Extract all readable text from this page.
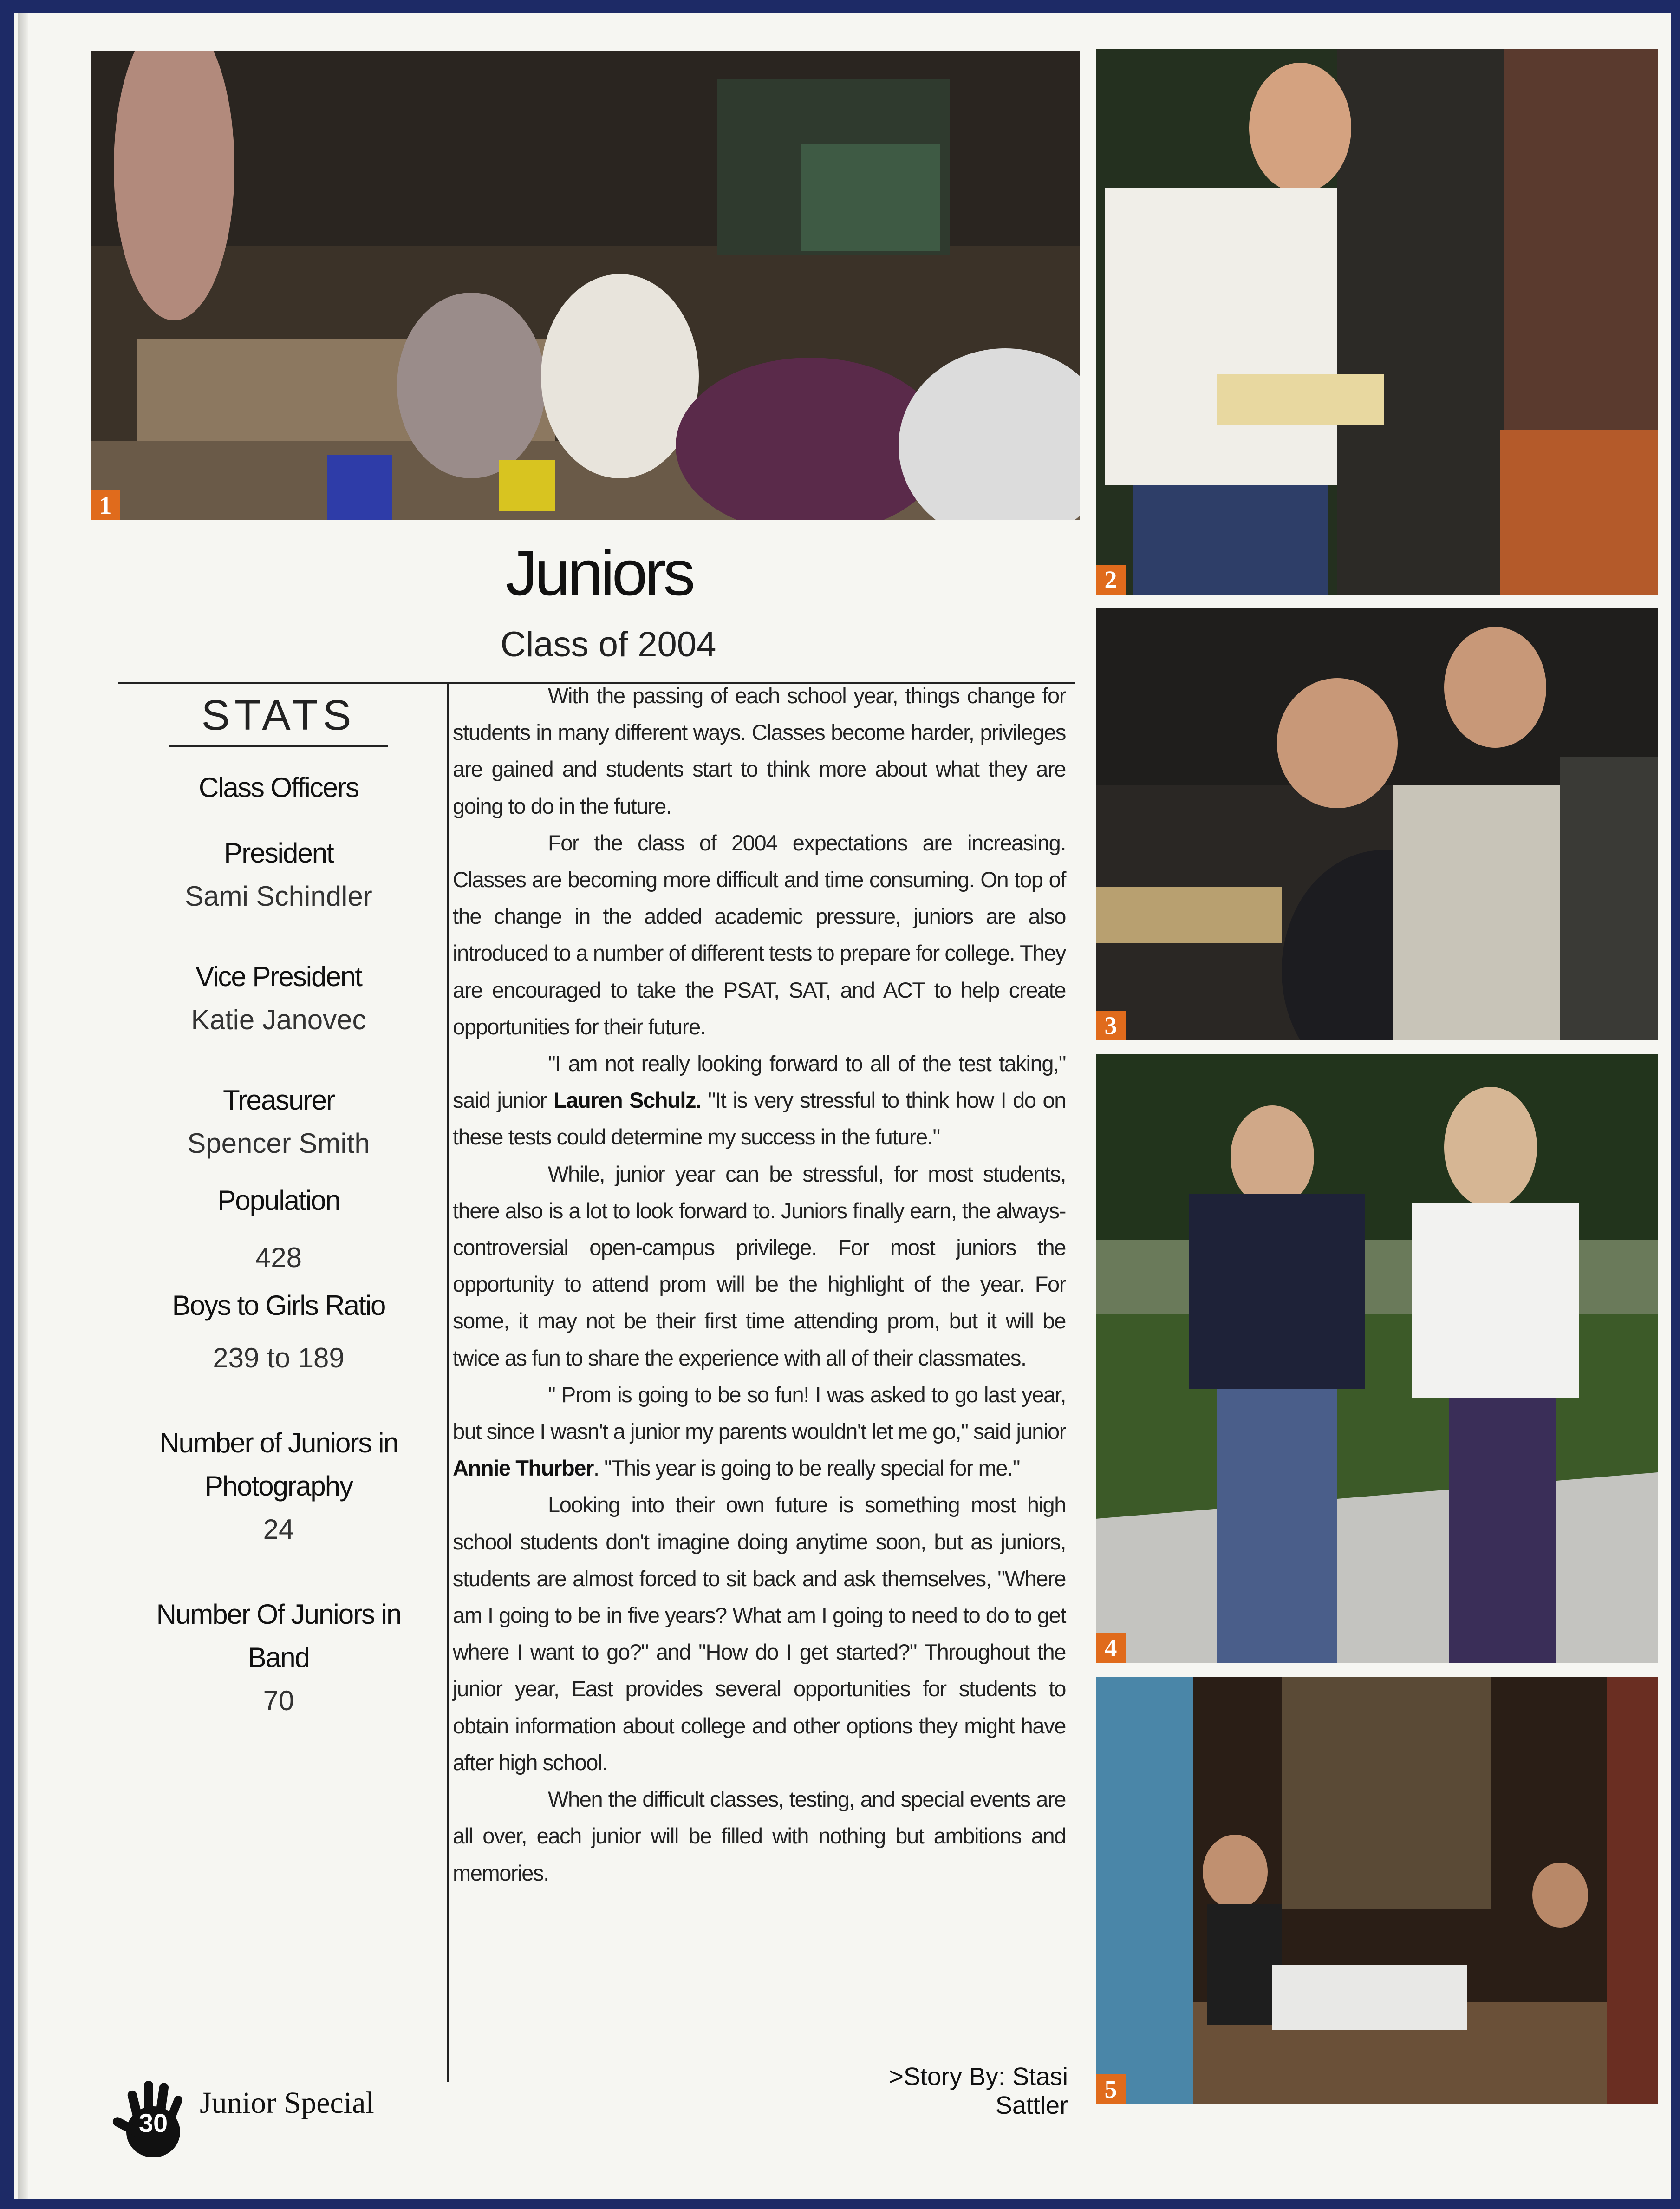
1
2
3
4
5
Juniors
Class of 2004
STATS
Class Officers
President
Sami Schindler
Vice President
Katie Janovec
Treasurer
Spencer Smith
Population
428
Boys to Girls Ratio
239 to 189
Number of Juniors in Photography
24
Number Of Juniors in Band
70

With the passing of each school year, things change for students in many different ways. Classes become harder, privileges are gained and students start to think more about what they are going to do in the future.

For the class of 2004 expectations are increasing. Classes are becoming more difficult and time consuming. On top of the change in the added academic pressure, juniors are also introduced to a number of different tests to prepare for college. They are encouraged to take the PSAT, SAT, and ACT to help create opportunities for their future.

"I am not really looking forward to all of the test taking," said junior Lauren Schulz. "It is very stressful to think how I do on these tests could determine my success in the future."

While, junior year can be stressful, for most students, there also is a lot to look forward to. Juniors finally earn, the always-controversial open-campus privilege. For most juniors the opportunity to attend prom will be the highlight of the year. For some, it may not be their first time attending prom, but it will be twice as fun to share the experience with all of their classmates.

" Prom is going to be so fun! I was asked to go last year, but since I wasn't a junior my parents wouldn't let me go," said junior Annie Thurber. "This year is going to be really special for me."

Looking into their own future is something most high school students don't imagine doing anytime soon, but as juniors, students are almost forced to sit back and ask themselves, "Where am I going to be in five years? What am I going to need to do to get where I want to go?" and "How do I get started?" Throughout the junior year, East provides several opportunities for students to obtain information about college and other options they might have after high school.

When the difficult classes, testing, and special events are all over, each junior will be filled with nothing but ambitions and memories.

>Story By: Stasi Sattler
30
Junior Special
